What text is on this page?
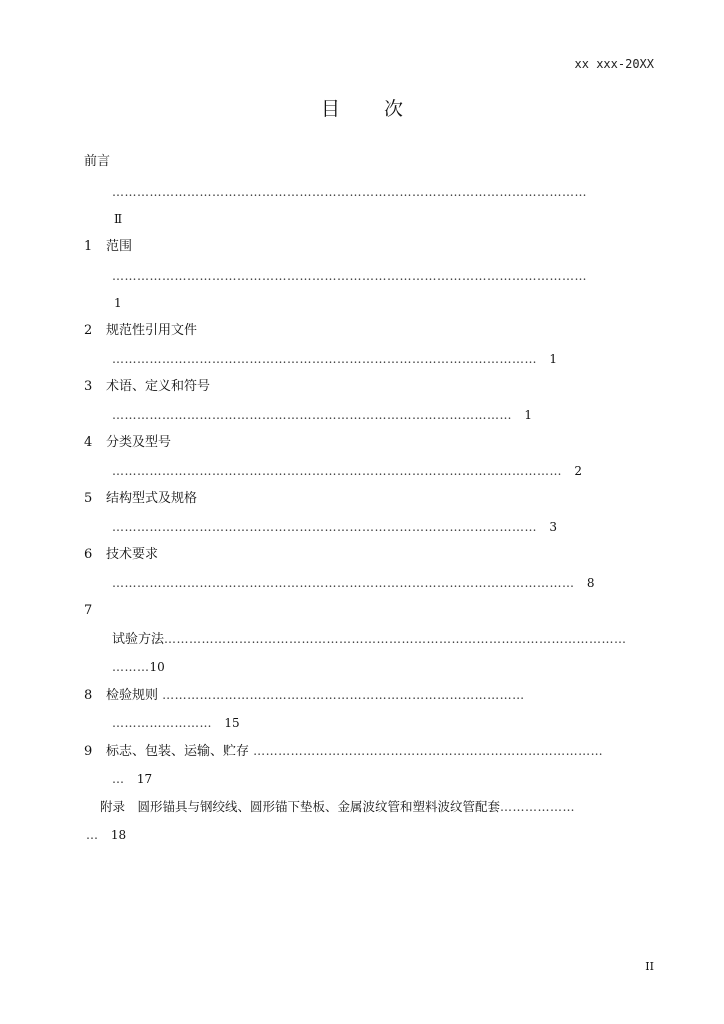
xx xxx-20XX
目次
前言
……………………………………………………………………………………………………
Ⅱ
1 范围
……………………………………………………………………………………………………
1
2 规范性引用文件
………………………………………………………………………………………… 1
3 术语、定义和符号
…………………………………………………………………………………… 1
4 分类及型号
……………………………………………………………………………………………… 2
5 结构型式及规格
………………………………………………………………………………………… 3
6 技术要求
………………………………………………………………………………………………… 8
7
试验方法…………………………………………………………………………………………………
………10
8 检验规则 ……………………………………………………………………………
…………………… 15
9 标志、包装、运输、贮存 …………………………………………………………………………
… 17
附录　圆形锚具与钢绞线、圆形锚下垫板、金属波纹管和塑料波纹管配套………………
… 18
II
